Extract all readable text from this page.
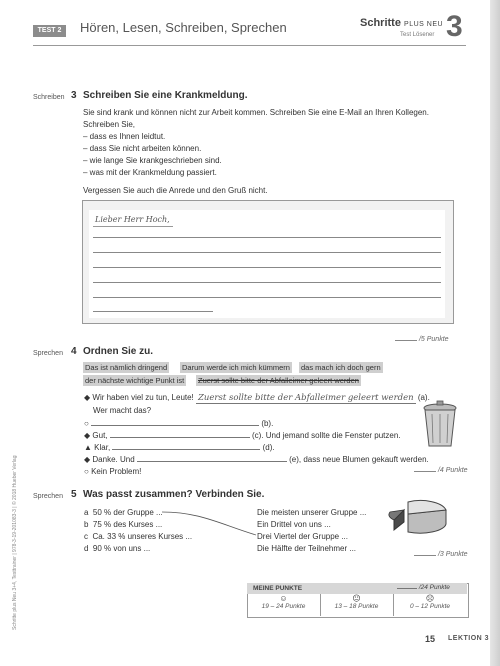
TEST 2	Hören, Lesen, Schreiben, Sprechen	Schritte PLUS NEU
Test Lösener 3
Schreiben 3 Schreiben Sie eine Krankmeldung.
Sie sind krank und können nicht zur Arbeit kommen. Schreiben Sie eine E-Mail an Ihren Kollegen.
Schreiben Sie,
– dass es Ihnen leidtut.
– dass Sie nicht arbeiten können.
– wie lange Sie krankgeschrieben sind.
– was mit der Krankmeldung passiert.
Vergessen Sie auch die Anrede und den Gruß nicht.
Lieber Herr Hoch,
/5 Punkte
Sprechen 4 Ordnen Sie zu.
Das ist nämlich dringend Darum werde ich mich kümmern das mach ich doch gern
der nächste wichtige Punkt ist Zuerst sollte bitte der Abfalleimer geleert werden
◆ Wir haben viel zu tun, Leute! Zuerst sollte bitte der Abfalleimer geleert werden (a).
Wer macht das?
○	(b).
◆ Gut,	(c). Und jemand sollte die Fenster putzen.
▲ Klar,	(d).
◆ Danke. Und	(e), dass neue Blumen gekauft werden.
○ Kein Problem!	/4 Punkte
Sprechen 5 Was passt zusammen? Verbinden Sie.
a 50 % der Gruppe ...
b 75 % des Kurses ...
c Ca. 33 % unseres Kurses ...
d 90 % von uns ...
Die meisten unserer Gruppe ...
Ein Drittel von uns ...
Drei Viertel der Gruppe ...
Die Hälfte der Teilnehmer ...
/3 Punkte
MEINE PUNKTE	/24 Punkte
☺
19 – 24 Punkte
😐
13 – 18 Punkte
☹
0 – 12 Punkte
Schritte plus Neu 3+4, Testtrainer | 978-3-19-201083-3 | © 2018 Hueber Verlag
15 LEKTION 3
